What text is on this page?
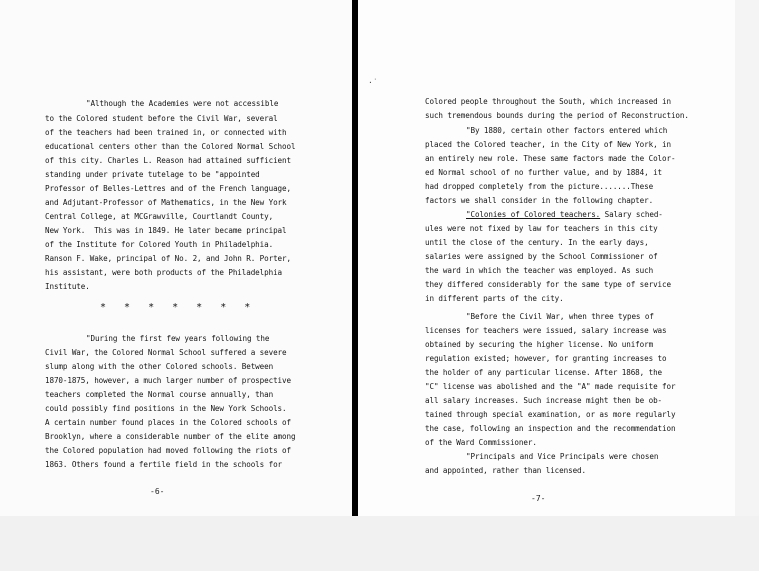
"Although the Academies were not accessible
to the Colored student before the Civil War, several
of the teachers had been trained in, or connected with
educational centers other than the Colored Normal School
of this city. Charles L. Reason had attained sufficient
standing under private tutelage to be "appointed
Professor of Belles-Lettres and of the French language,
and Adjutant-Professor of Mathematics, in the New York
Central College, at MCGrawville, Courtlandt County,
New York.  This was in 1849. He later became principal
of the Institute for Colored Youth in Philadelphia.
Ranson F. Wake, principal of No. 2, and John R. Porter,
his assistant, were both products of the Philadelphia
Institute.
* * * * * * *
"During the first few years following the
Civil War, the Colored Normal School suffered a severe
slump along with the other Colored schools. Between
1870-1875, however, a much larger number of prospective
teachers completed the Normal course annually, than
could possibly find positions in the New York Schools.
A certain number found places in the Colored schools of
Brooklyn, where a considerable number of the elite among
the Colored population had moved following the riots of
1863. Others found a fertile field in the schools for
-6-
·˙
Colored people throughout the South, which increased in
such tremendous bounds during the period of Reconstruction.
"By 1880, certain other factors entered which
placed the Colored teacher, in the City of New York, in
an entirely new role. These same factors made the Color-
ed Normal school of no further value, and by 1884, it
had dropped completely from the picture.......These
factors we shall consider in the following chapter.
"Colonies of Colored teachers. Salary sched-
ules were not fixed by law for teachers in this city
until the close of the century. In the early days,
salaries were assigned by the School Commissioner of
the ward in which the teacher was employed. As such
they differed considerably for the same type of service
in different parts of the city.
"Before the Civil War, when three types of
licenses for teachers were issued, salary increase was
obtained by securing the higher license. No uniform
regulation existed; however, for granting increases to
the holder of any particular license. After 1868, the
"C" license was abolished and the "A" made requisite for
all salary increases. Such increase might then be ob-
tained through special examination, or as more regularly
the case, following an inspection and the recommendation
of the Ward Commissioner.
"Principals and Vice Principals were chosen
and appointed, rather than licensed.
-7-
